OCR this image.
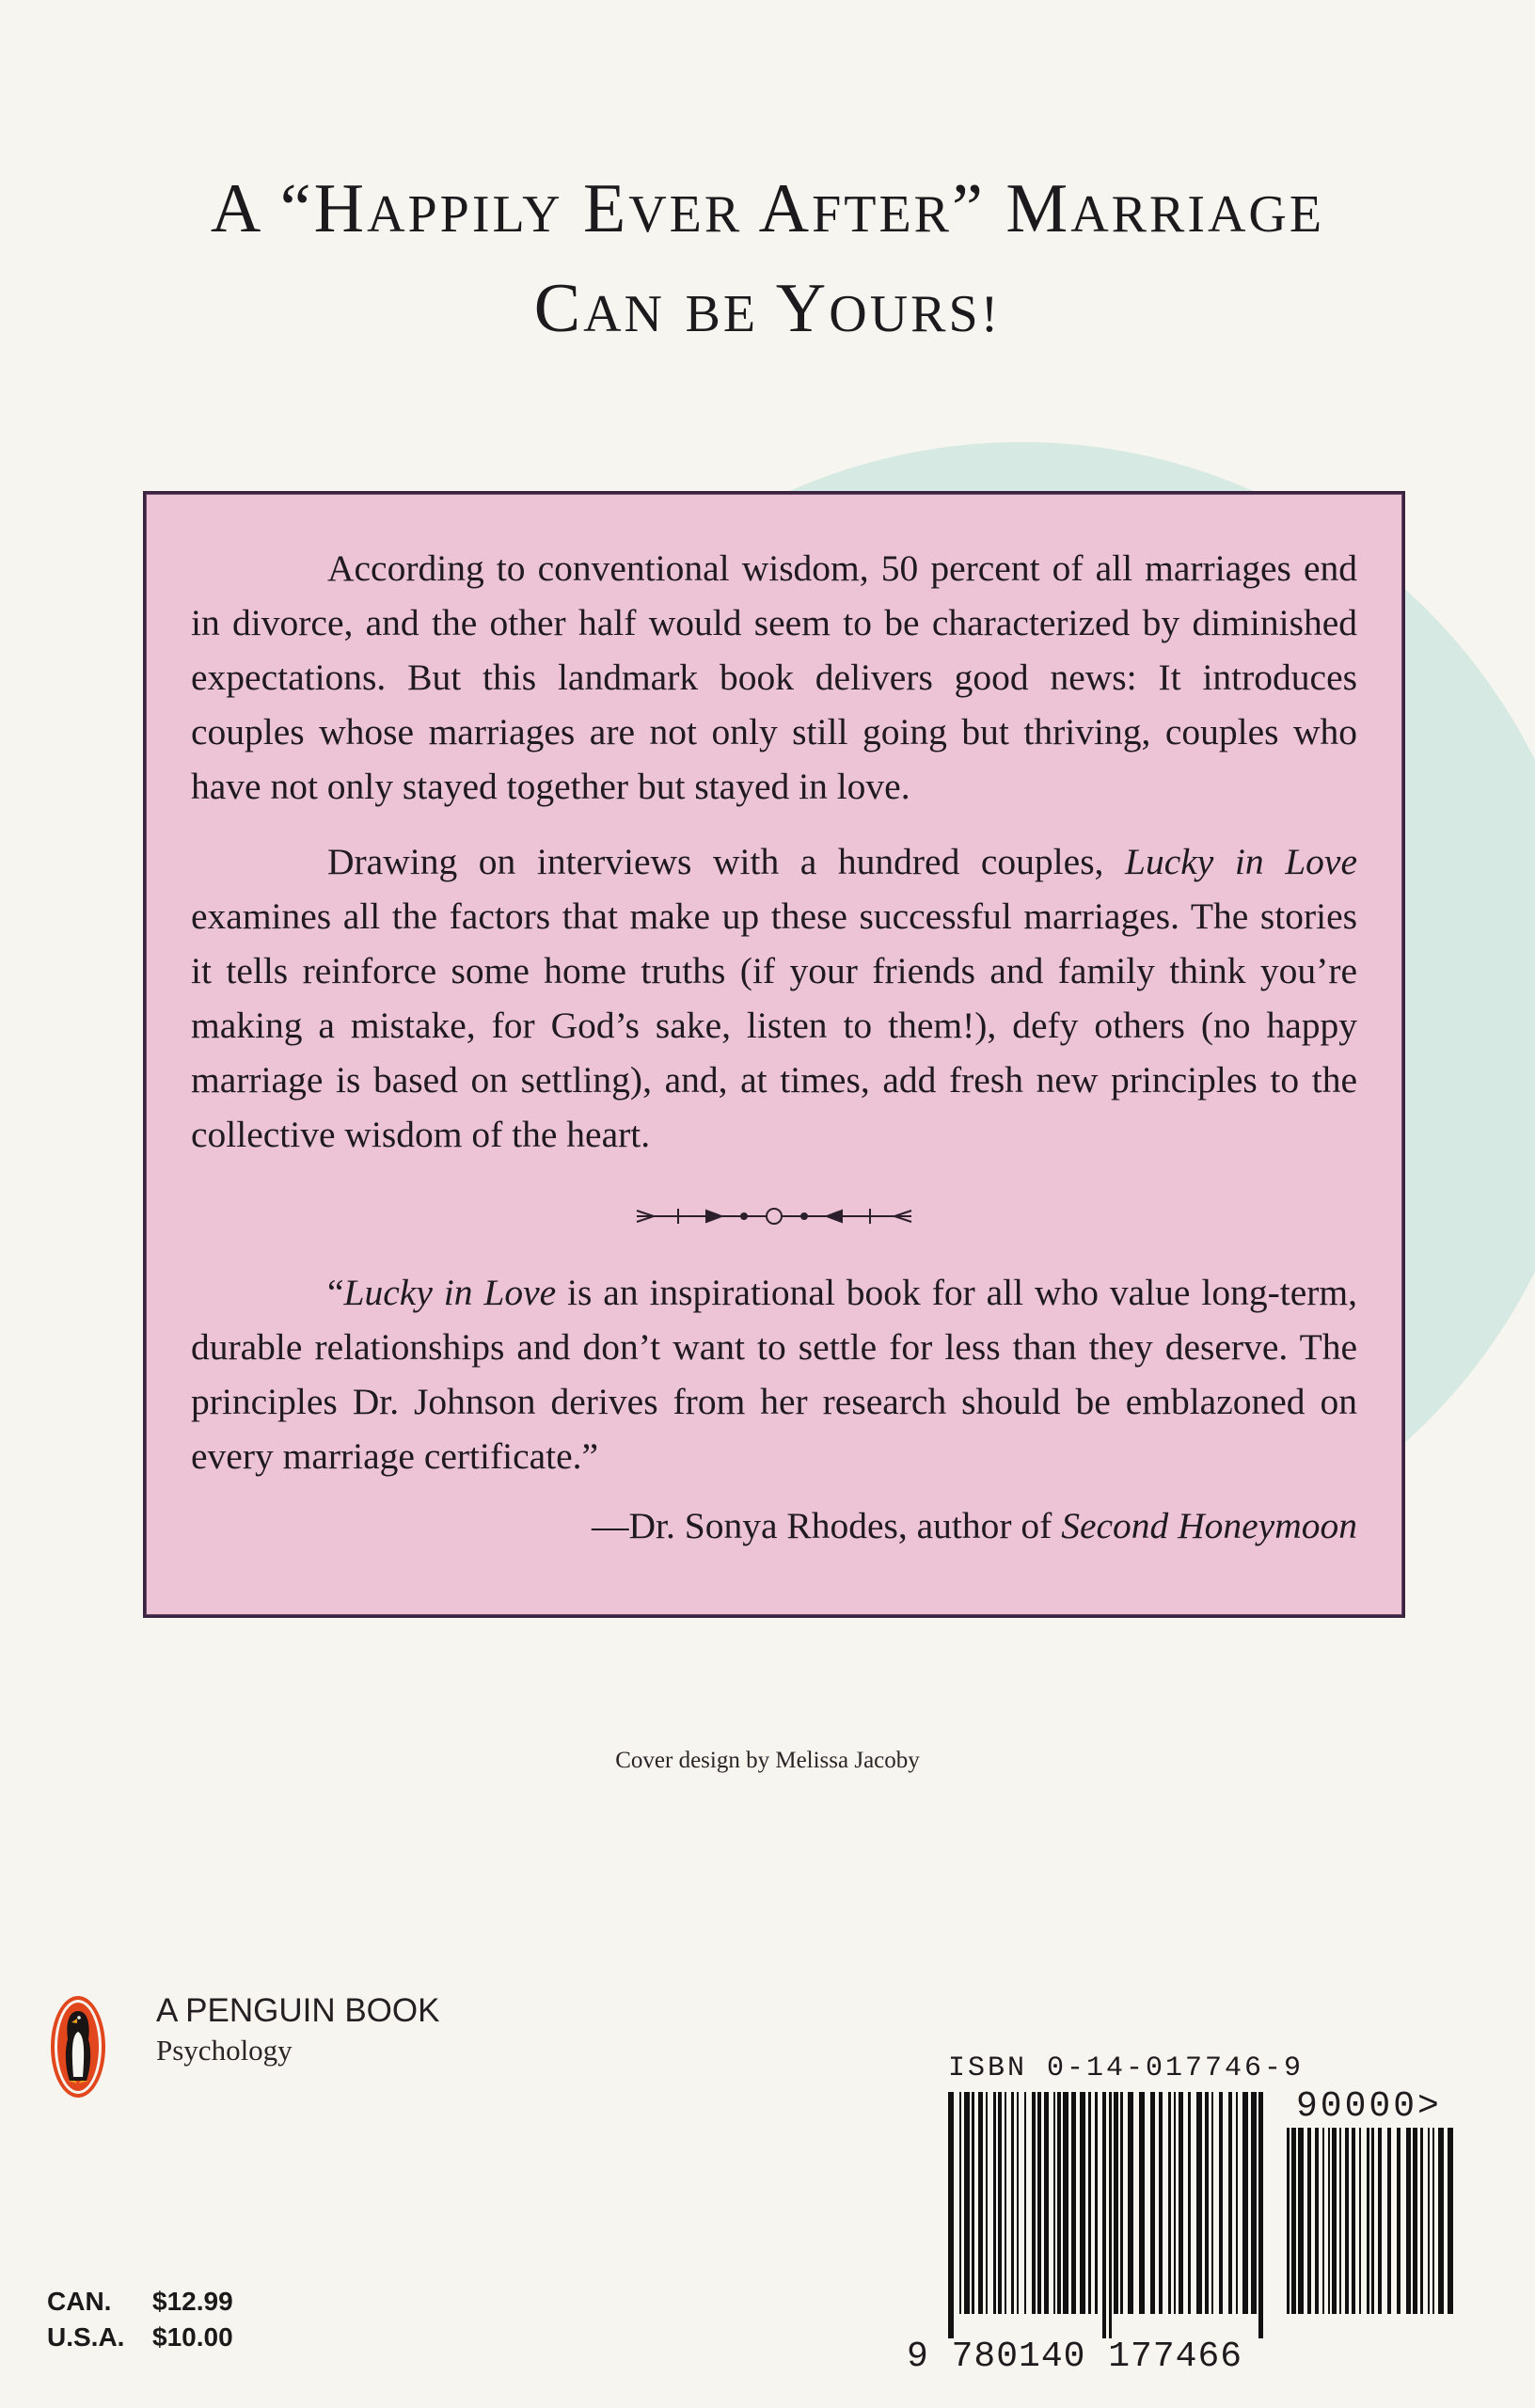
A “HAPPILY EVER AFTER” MARRIAGE
CAN BE YOURS!

According to conventional wisdom, 50 percent of all marriages end in divorce, and the other half would seem to be characterized by diminished expectations. But this landmark book delivers good news: It introduces couples whose marriages are not only still going but thriving, couples who have not only stayed together but stayed in love.

Drawing on interviews with a hundred couples, Lucky in Love examines all the factors that make up these successful marriages. The stories it tells reinforce some home truths (if your friends and family think you’re making a mistake, for God’s sake, listen to them!), defy others (no happy marriage is based on settling), and, at times, add fresh new principles to the collective wisdom of the heart.

“Lucky in Love is an inspirational book for all who value long-term, durable relationships and don’t want to settle for less than they deserve. The principles Dr. Johnson derives from her research should be emblazoned on every marriage certificate.”

—Dr. Sonya Rhodes, author of Second Honeymoon

Cover design by Melissa Jacoby
A PENGUIN BOOK
Psychology
CAN.	$12.99
U.S.A.	$10.00
ISBN 0-14-017746-9
90000>
9 780140 177466
